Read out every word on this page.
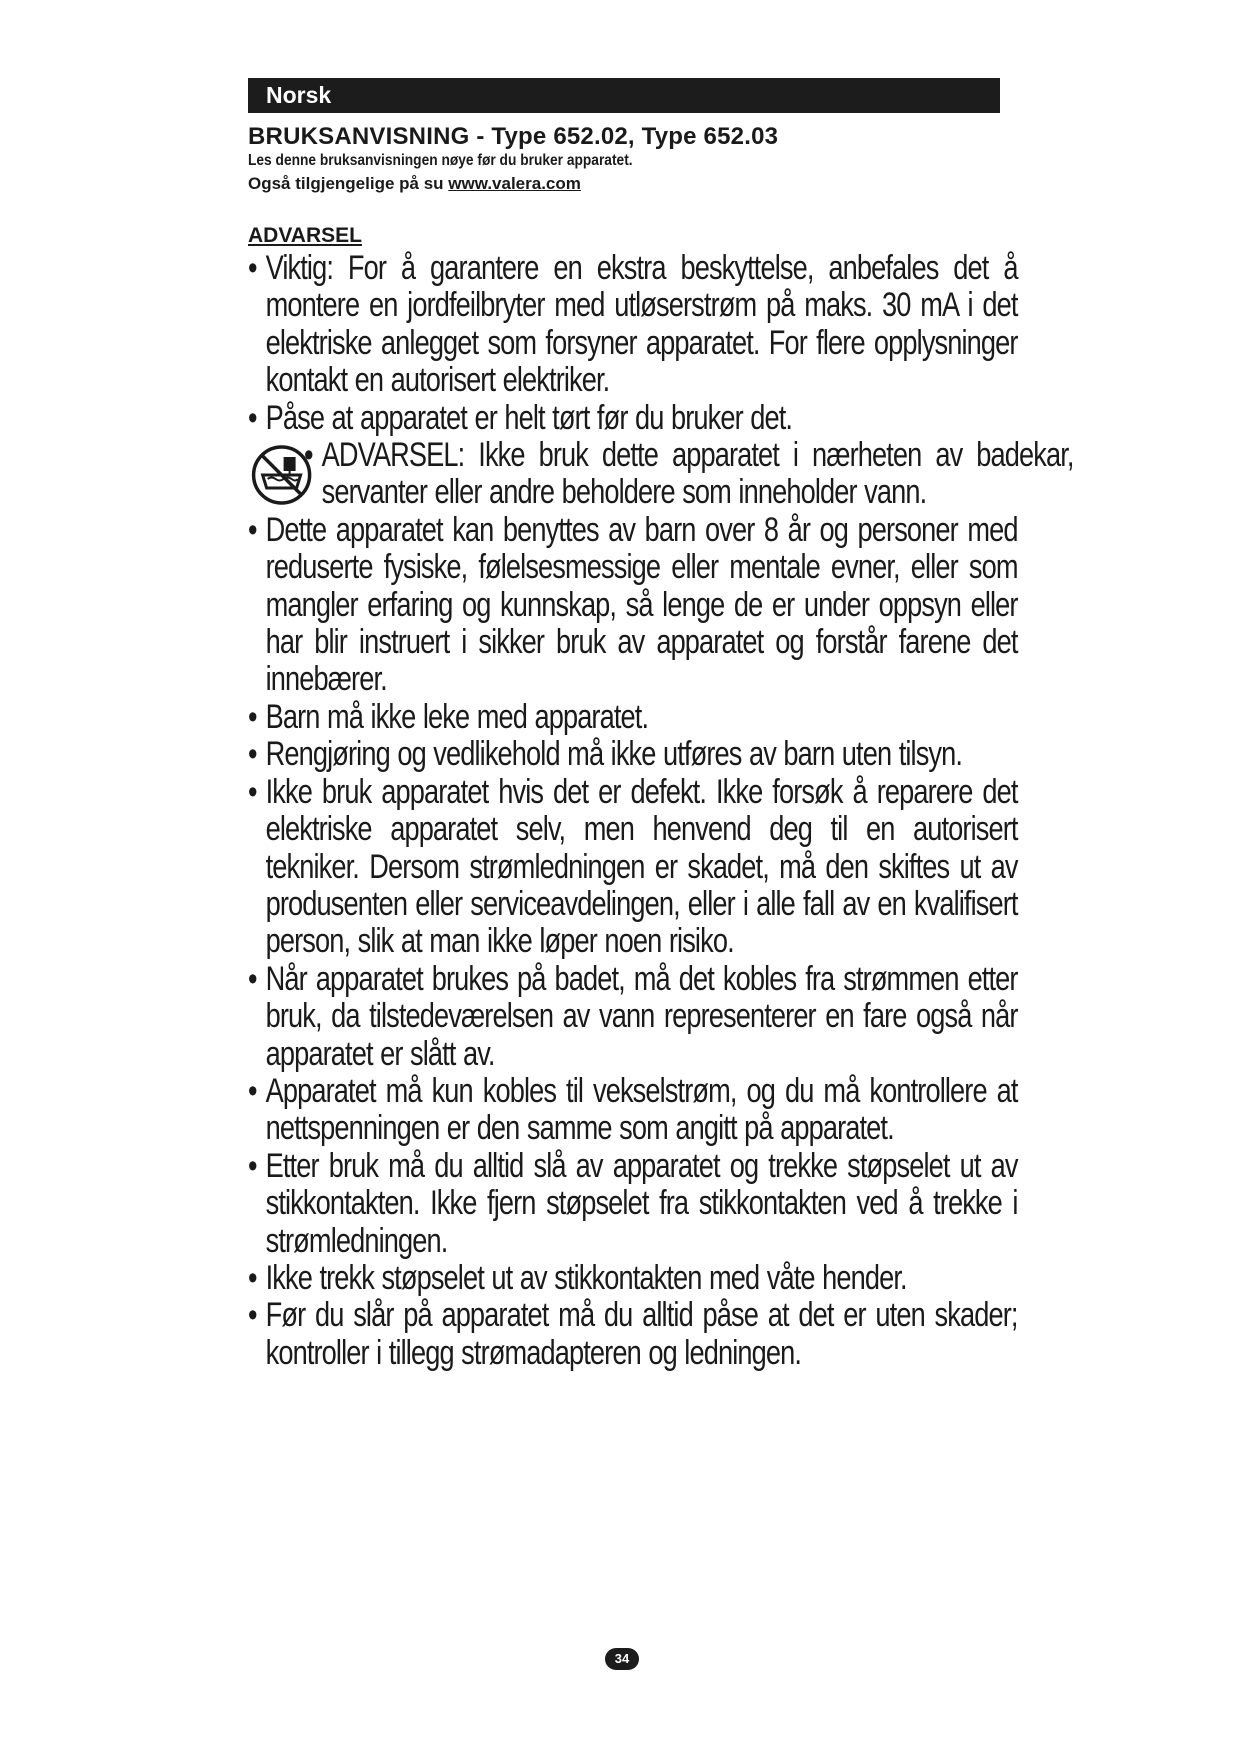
Norsk
BRUKSANVISNING - Type 652.02, Type 652.03
Les denne bruksanvisningen nøye før du bruker apparatet.
Også tilgjengelige på su www.valera.com
ADVARSEL
• Viktig: For å garantere en ekstra beskyttelse, anbefales det å montere en jordfeilbryter med utløserstrøm på maks. 30 mA i det elektriske anlegget som forsyner apparatet. For flere opplysninger kontakt en autorisert elektriker.
• Påse at apparatet er helt tørt før du bruker det.
• ADVARSEL: Ikke bruk dette apparatet i nærheten av badekar, servanter eller andre beholdere som inneholder vann.
• Dette apparatet kan benyttes av barn over 8 år og personer med reduserte fysiske, følelsesmessige eller mentale evner, eller som mangler erfaring og kunnskap, så lenge de er under oppsyn eller har blir instruert i sikker bruk av apparatet og forstår farene det innebærer.
• Barn må ikke leke med apparatet.
• Rengjøring og vedlikehold må ikke utføres av barn uten tilsyn.
• Ikke bruk apparatet hvis det er defekt. Ikke forsøk å reparere det elektriske apparatet selv, men henvend deg til en autorisert tekniker. Dersom strømledningen er skadet, må den skiftes ut av produsenten eller serviceavdelingen, eller i alle fall av en kvalifisert person, slik at man ikke løper noen risiko.
• Når apparatet brukes på badet, må det kobles fra strømmen etter bruk, da tilstedeværelsen av vann representerer en fare også når apparatet er slått av.
• Apparatet må kun kobles til vekselstrøm, og du må kontrollere at nettspenningen er den samme som angitt på apparatet.
• Etter bruk må du alltid slå av apparatet og trekke støpselet ut av stikkontakten. Ikke fjern støpselet fra stikkontakten ved å trekke i strømledningen.
• Ikke trekk støpselet ut av stikkontakten med våte hender.
• Før du slår på apparatet må du alltid påse at det er uten skader; kontroller i tillegg strømadapteren og ledningen.
34
